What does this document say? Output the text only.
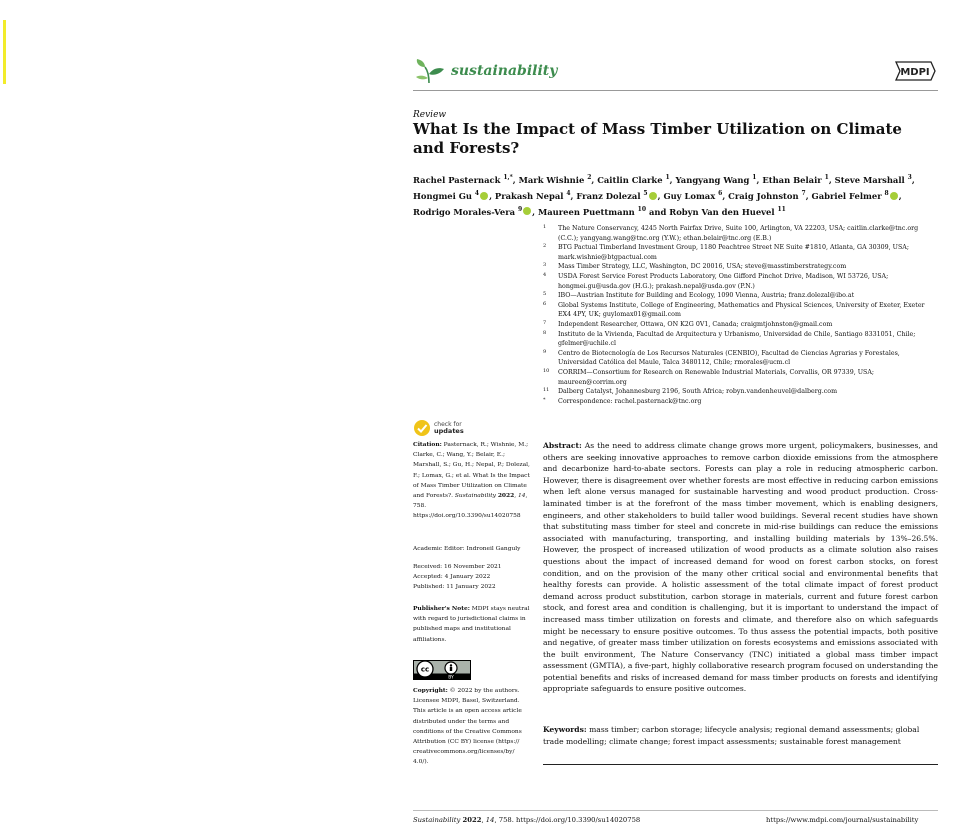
sustainability	MDPI
Review
What Is the Impact of Mass Timber Utilization on Climate and Forests?
Rachel Pasternack $^{1,*}$, Mark Wishnie $^2$, Caitlin Clarke $^1$, Yangyang Wang $^1$, Ethan Belair $^1$, Steve Marshall $^3$, Hongmei Gu $^4$ , Prakash Nepal $^4$, Franz Dolezal $^5$ , Guy Lomax $^6$, Craig Johnston $^7$, Gabriel Felmer $^8$ , Rodrigo Morales-Vera $^9$ , Maureen Puettmann $^{10}$ and Robyn Van den Huevel $^{11}$
1 The Nature Conservancy, 4245 North Fairfax Drive, Suite 100, Arlington, VA 22203, USA; caitlin.clarke@tnc.org (C.C.); yangyang.wang@tnc.org (Y.W.); ethan.belair@tnc.org (E.B.)
2 BTG Pactual Timberland Investment Group, 1180 Peachtree Street NE Suite #1810, Atlanta, GA 30309, USA; mark.wishnie@btgpactual.com
3 Mass Timber Strategy, LLC, Washington, DC 20016, USA; steve@masstimberstrategy.com
4 USDA Forest Service Forest Products Laboratory, One Gifford Pinchot Drive, Madison, WI 53726, USA; hongmei.gu@usda.gov (H.G.); prakash.nepal@usda.gov (P.N.)
5 IBO—Austrian Institute for Building and Ecology, 1090 Vienna, Austria; franz.dolezal@ibo.at
6 Global Systems Institute, College of Engineering, Mathematics and Physical Sciences, University of Exeter, Exeter EX4 4PY, UK; guylomax01@gmail.com
7 Independent Researcher, Ottawa, ON K2G 0V1, Canada; craigmtjohnston@gmail.com
8 Instituto de la Vivienda, Facultad de Arquitectura y Urbanismo, Universidad de Chile, Santiago 8331051, Chile; gfelmer@uchile.cl
9 Centro de Biotecnología de Los Recursos Naturales (CENBIO), Facultad de Ciencias Agrarias y Forestales, Universidad Católica del Maule, Talca 3480112, Chile; rmorales@ucm.cl
10 CORRIM—Consortium for Research on Renewable Industrial Materials, Corvallis, OR 97339, USA; maureen@corrim.org
11 Dalberg Catalyst, Johannesburg 2196, South Africa; robyn.vandenheuvel@dalberg.com
* Correspondence: rachel.pasternack@tnc.org
check for
updates
Citation: Pasternack, R.; Wishnie, M.; Clarke, C.; Wang, Y.; Belair, E.; Marshall, S.; Gu, H.; Nepal, P.; Dolezal, F.; Lomax, G.; et al. What Is the Impact of Mass Timber Utilization on Climate and Forests?. Sustainability 2022, 14, 758. https://doi.org/10.3390/su14020758
Academic Editor: Indroneil Ganguly
Received: 16 November 2021
Accepted: 4 January 2022
Published: 11 January 2022
Publisher's Note: MDPI stays neutral with regard to jurisdictional claims in published maps and institutional affiliations.
cc
BY
Copyright: © 2022 by the authors. Licensee MDPI, Basel, Switzerland. This article is an open access article distributed under the terms and conditions of the Creative Commons Attribution (CC BY) license (https:// creativecommons.org/licenses/by/ 4.0/).
Abstract: As the need to address climate change grows more urgent, policymakers, businesses, and others are seeking innovative approaches to remove carbon dioxide emissions from the atmosphere and decarbonize hard-to-abate sectors. Forests can play a role in reducing atmospheric carbon. However, there is disagreement over whether forests are most effective in reducing carbon emissions when left alone versus managed for sustainable harvesting and wood product production. Cross-laminated timber is at the forefront of the mass timber movement, which is enabling designers, engineers, and other stakeholders to build taller wood buildings. Several recent studies have shown that substituting mass timber for steel and concrete in mid-rise buildings can reduce the emissions associated with manufacturing, transporting, and installing building materials by 13%–26.5%. However, the prospect of increased utilization of wood products as a climate solution also raises questions about the impact of increased demand for wood on forest carbon stocks, on forest condition, and on the provision of the many other critical social and environmental benefits that healthy forests can provide. A holistic assessment of the total climate impact of forest product demand across product substitution, carbon storage in materials, current and future forest carbon stock, and forest area and condition is challenging, but it is important to understand the impact of increased mass timber utilization on forests and climate, and therefore also on which safeguards might be necessary to ensure positive outcomes. To thus assess the potential impacts, both positive and negative, of greater mass timber utilization on forests ecosystems and emissions associated with the built environment, The Nature Conservancy (TNC) initiated a global mass timber impact assessment (GMTIA), a five-part, highly collaborative research program focused on understanding the potential benefits and risks of increased demand for mass timber products on forests and identifying appropriate safeguards to ensure positive outcomes.
Keywords: mass timber; carbon storage; lifecycle analysis; regional demand assessments; global trade modelling; climate change; forest impact assessments; sustainable forest management
Sustainability 2022, 14, 758. https://doi.org/10.3390/su14020758	https://www.mdpi.com/journal/sustainability
